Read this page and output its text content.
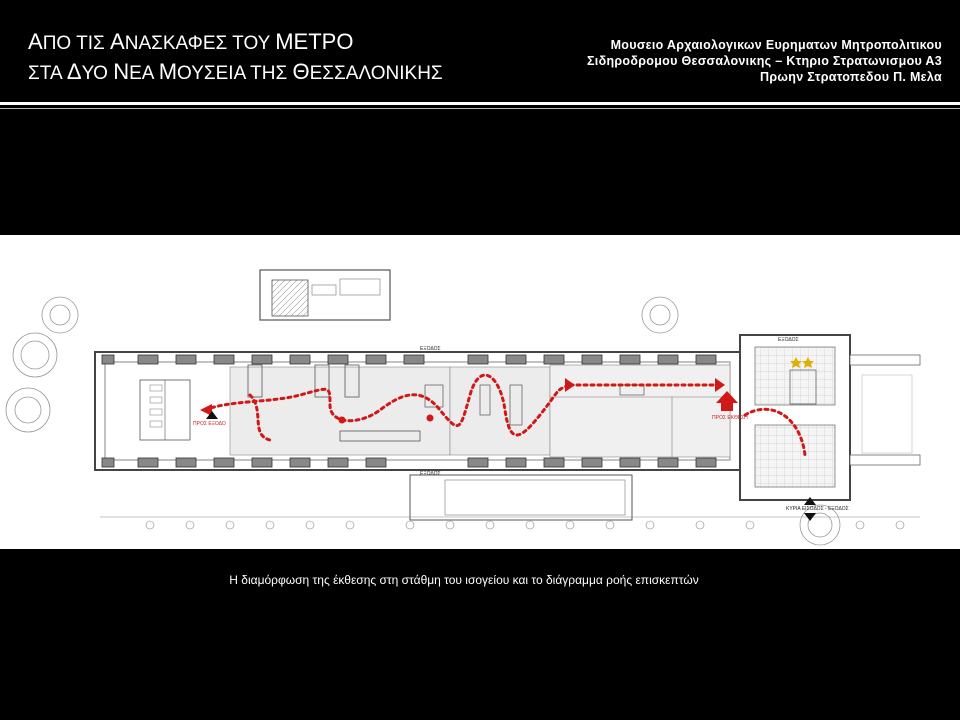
ΑΠΟ ΤΙΣ ΑΝΑΣΚΑΦΕΣ ΤΟΥ ΜΕΤΡΟ
ΣΤΑ ΔΥΟ ΝΕΑ ΜΟΥΣΕΙΑ ΤΗΣ ΘΕΣΣΑΛΟΝΙΚΗΣ
Μουσειο Αρχαιολογικων Ευρηματων Μητροπολιτικου
Σιδηροδρομου Θεσσαλονικης – Κτηριο Στρατωνισμου Α3
Πρωην Στρατοπεδου Π. Μελα
ΕΞΟΔΟΣ
ΕΞΟΔΟΣ
ΕΞΟΔΟΣ
ΚΥΡΙΑ ΕΙΣΟΔΟΣ - ΕΞΟΔΟΣ
ΠΡΟΣ ΕΚΘΕΣΗ
ΠΡΟΣ ΕΞΟΔΟ
Η διαμόρφωση της έκθεσης στη στάθμη του ισογείου και το διάγραμμα ροής επισκεπτών
